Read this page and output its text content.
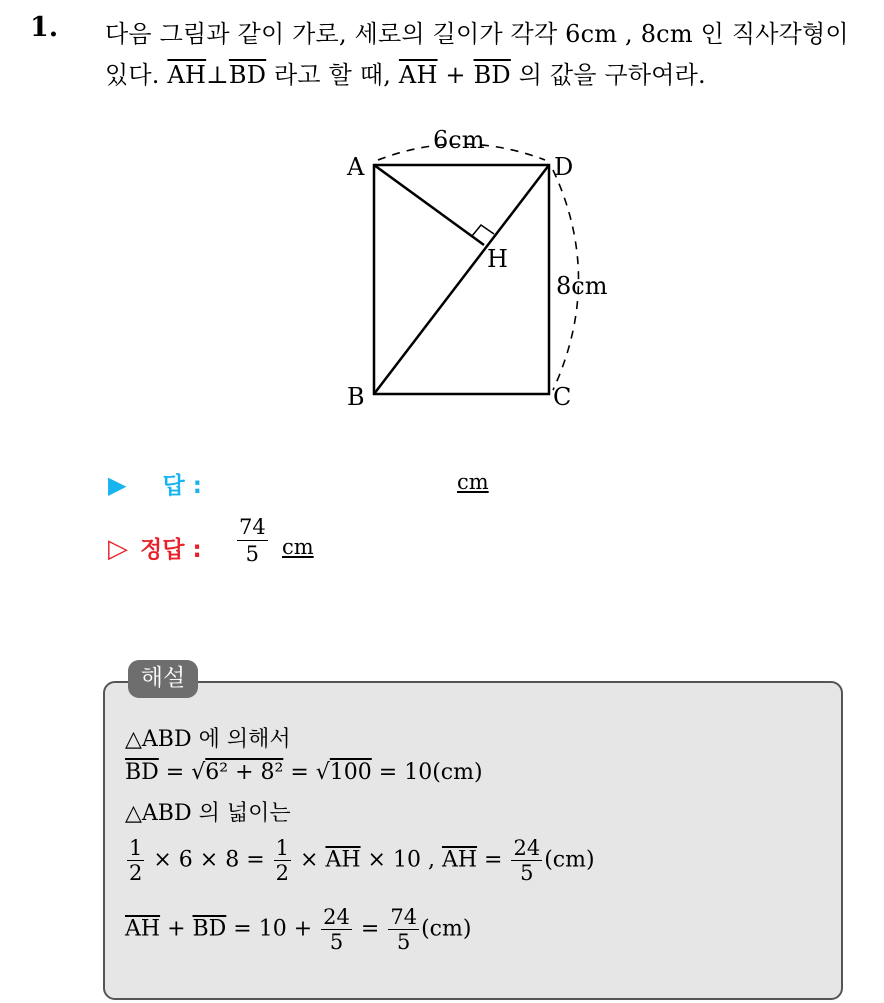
1. 다음 그림과 같이 가로, 세로의 길이가 각각 6cm , 8cm 인 직사각형이
있다. $\overline{AH}\perp\overline{BD}$ 라고 할 때, $\overline{AH} + \overline{BD}$ 의 값을 구하여라.
6cm
8cm
A	D
B	C
H
▶ 답 :	cm
▷ 정답 : $\frac{74}{5}$ cm
해설
△ABD 에 의해서
$\overline{BD} = √6^2 + 8^2 = √100 = 10(cm)$
△ABD 의 넓이는
$\frac{1}{2} \times 6 \times 8 = \frac{1}{2} \times \overline{AH} \times 10$ , $\overline{AH} = \frac{24}{5} (cm)$
$\overline{AH} + \overline{BD} = 10 + \frac{24}{5} = \frac{74}{5} (cm)$
